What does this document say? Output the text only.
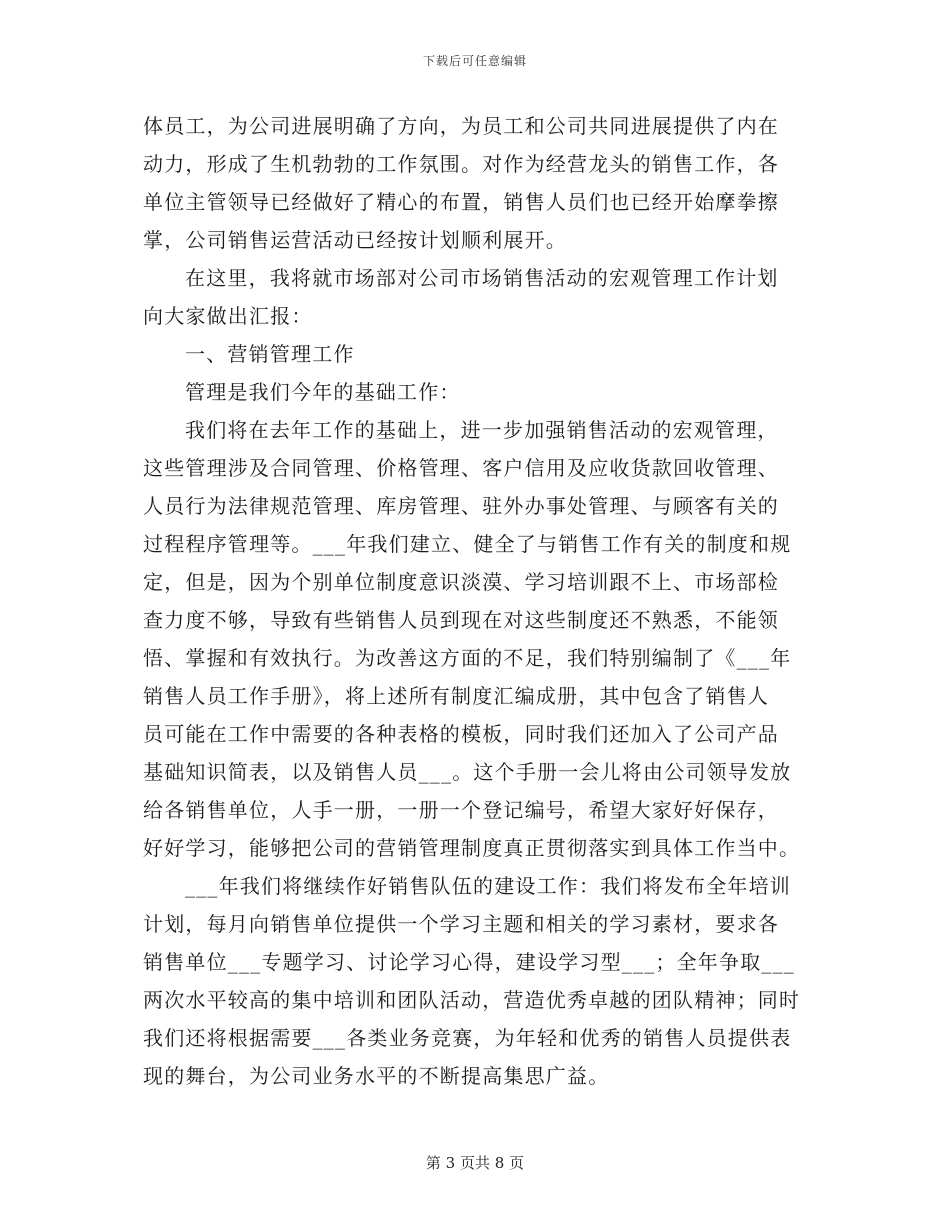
下载后可任意编辑
体员工，为公司进展明确了方向，为员工和公司共同进展提供了内在
动力，形成了生机勃勃的工作氛围。对作为经营龙头的销售工作，各
单位主管领导已经做好了精心的布置，销售人员们也已经开始摩拳擦
掌，公司销售运营活动已经按计划顺利展开。
在这里，我将就市场部对公司市场销售活动的宏观管理工作计划
向大家做出汇报：
一、营销管理工作
管理是我们今年的基础工作：
我们将在去年工作的基础上，进一步加强销售活动的宏观管理，
这些管理涉及合同管理、价格管理、客户信用及应收货款回收管理、
人员行为法律规范管理、库房管理、驻外办事处管理、与顾客有关的
过程程序管理等。___年我们建立、健全了与销售工作有关的制度和规
定，但是，因为个别单位制度意识淡漠、学习培训跟不上、市场部检
查力度不够，导致有些销售人员到现在对这些制度还不熟悉，不能领
悟、掌握和有效执行。为改善这方面的不足，我们特别编制了《___年
销售人员工作手册》，将上述所有制度汇编成册，其中包含了销售人
员可能在工作中需要的各种表格的模板，同时我们还加入了公司产品
基础知识简表，以及销售人员___。这个手册一会儿将由公司领导发放
给各销售单位，人手一册，一册一个登记编号，希望大家好好保存，
好好学习，能够把公司的营销管理制度真正贯彻落实到具体工作当中。
___年我们将继续作好销售队伍的建设工作：我们将发布全年培训
计划，每月向销售单位提供一个学习主题和相关的学习素材，要求各
销售单位___专题学习、讨论学习心得，建设学习型___；全年争取___
两次水平较高的集中培训和团队活动，营造优秀卓越的团队精神；同时
我们还将根据需要___各类业务竞赛，为年轻和优秀的销售人员提供表
现的舞台，为公司业务水平的不断提高集思广益。
第 3 页共 8 页
